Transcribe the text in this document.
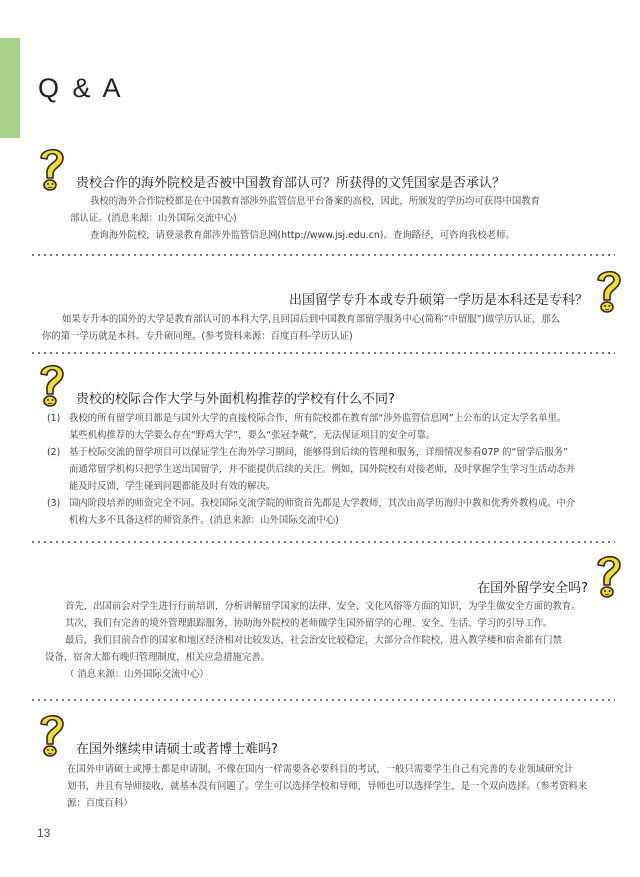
Q & A
贵校合作的海外院校是否被中国教育部认可？所获得的文凭国家是否承认？

我校的海外合作院校都是在中国教育部涉外监管信息平台备案的高校，因此，所颁发的学历均可获得中国教育

部认证。(消息来源：山外国际交流中心)

查询海外院校，请登录教育部涉外监管信息网(http://www.jsj.edu.cn)。查询路径，可咨询我校老师。

出国留学专升本或专升硕第一学历是本科还是专科？

如果专升本的国外的大学是教育部认可的本科大学,且回国后到中国教育部留学服务中心(简称“中留服”)做学历认证，那么

你的第一学历就是本科。专升硕同理。(参考资料来源：百度百科-学历认证)

贵校的校际合作大学与外面机构推荐的学校有什么不同?
(1) 我校的所有留学项目都是与国外大学的直接校际合作，所有院校都在教育部“涉外监管信息网”上公布的认定大学名单里。

某些机构推荐的大学要么存在“野鸡大学”，要么“张冠李戴”，无法保证项目的安全可靠。

(2) 基于校际交流的留学项目可以保证学生在海外学习期间，能够得到后续的管理和服务，详细情况参看07P 的“留学后服务”

而通常留学机构只把学生送出国留学，并不能提供后续的关注。例如，国外院校有对接老师，及时掌握学生学习生活动态并

能及时反馈，学生碰到问题都能及时有效的解决。

(3) 国内阶段培养的师资完全不同。我校国际交流学院的师资首先都是大学教师，其次由高学历海归中教和优秀外教构成。中介

机构大多不具备这样的师资条件。(消息来源：山外国际交流中心)

在国外留学安全吗?

首先，出国前会对学生进行行前培训，分析讲解留学国家的法律、安全、文化风俗等方面的知识，为学生做安全方面的教育。

其次，我们有完善的境外管理跟踪服务，协助海外院校的老师做学生国外留学的心理、安全、生活、学习的引导工作。

最后，我们目前合作的国家和地区经济相对比较发达，社会治安比较稳定，大部分合作院校，进入教学楼和宿舍都有门禁

设备，宿舍大都有晚归管理制度，相关应急措施完善。

（ 消息来源：山外国际交流中心）

在国外继续申请硕士或者博士难吗?

在国外申请硕士或博士都是申请制，不像在国内一样需要各必要科目的考试，一般只需要学生自己有完善的专业领域研究计

划书，并且有导师接收，就基本没有问题了。学生可以选择学校和导师，导师也可以选择学生，是一个双向选择。（参考资料来

源：百度百科）

13
